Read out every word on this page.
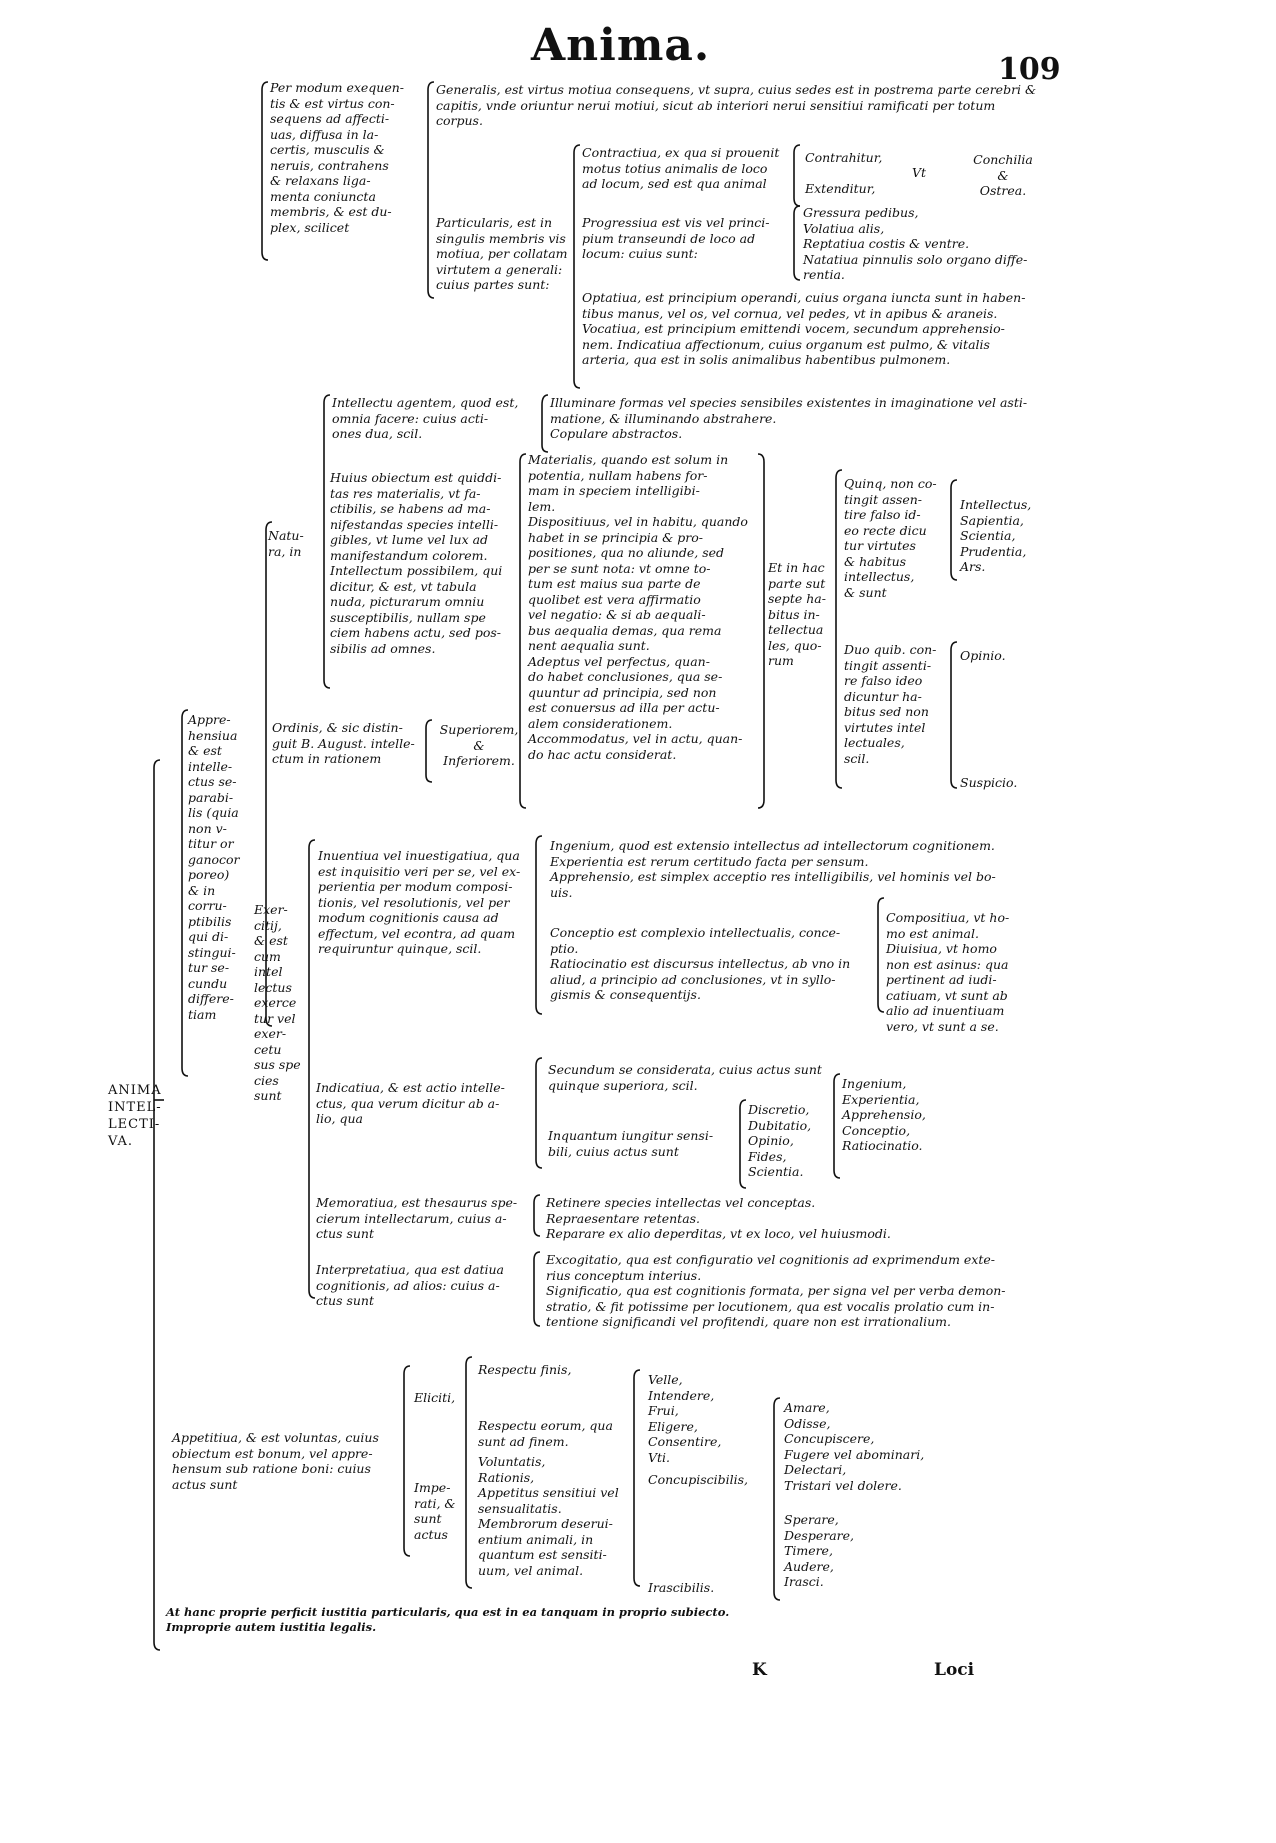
Anima.	109
ANIMA
INTEL-
LECTI-
VA.
Per modum exequen-
tis & est virtus con-
sequens ad affecti-
uas, diffusa in la-
certis, musculis &
neruis, contrahens
& relaxans liga-
menta coniuncta
membris, & est du-
plex, scilicet
Generalis, est virtus motiua consequens, vt supra, cuius sedes est in postrema parte cerebri &
capitis, vnde oriuntur nerui motiui, sicut ab interiori nerui sensitiui ramificati per totum
corpus.
Particularis, est in
singulis membris vis
motiua, per collatam
virtutem a generali:
cuius partes sunt:
Contractiua, ex qua si prouenit
motus totius animalis de loco
ad locum, sed est qua animal
Contrahitur,

Extenditur,
Vt
Conchilia
&
Ostrea.
Progressiua est vis vel princi-
pium transeundi de loco ad
locum: cuius sunt:
Gressura pedibus,
Volatiua alis,
Reptatiua costis & ventre.
Natatiua pinnulis solo organo diffe-
rentia.
Optatiua, est principium operandi, cuius organa iuncta sunt in haben-
tibus manus, vel os, vel cornua, vel pedes, vt in apibus & araneis.
Vocatiua, est principium emittendi vocem, secundum apprehensio-
nem. Indicatiua affectionum, cuius organum est pulmo, & vitalis
arteria, qua est in solis animalibus habentibus pulmonem.
Natu-
ra, in
Intellectu agentem, quod est,
omnia facere: cuius acti-
ones dua, scil.
Illuminare formas vel species sensibiles existentes in imaginatione vel asti-
matione, & illuminando abstrahere.
Copulare abstractos.
Huius obiectum est quiddi-
tas res materialis, vt fa-
ctibilis, se habens ad ma-
nifestandas species intelli-
gibles, vt lume vel lux ad
manifestandum colorem.
Intellectum possibilem, qui
dicitur, & est, vt tabula
nuda, picturarum omniu
susceptibilis, nullam spe
ciem habens actu, sed pos-
sibilis ad omnes.
Materialis, quando est solum in
potentia, nullam habens for-
mam in speciem intelligibi-
lem.
Dispositiuus, vel in habitu, quando
habet in se principia & pro-
positiones, qua no aliunde, sed
per se sunt nota: vt omne to-
tum est maius sua parte de
quolibet est vera affirmatio
vel negatio: & si ab aequali-
bus aequalia demas, qua rema
nent aequalia sunt.
Adeptus vel perfectus, quan-
do habet conclusiones, qua se-
quuntur ad principia, sed non
est conuersus ad illa per actu-
alem considerationem.
Accommodatus, vel in actu, quan-
do hac actu considerat.
Et in hac
parte sut
septe ha-
bitus in-
tellectua
les, quo-
rum
Quinq, non co-
tingit assen-
tire falso id-
eo recte dicu
tur virtutes
& habitus
intellectus,
& sunt
Intellectus,
Sapientia,
Scientia,
Prudentia,
Ars.
Duo quib. con-
tingit assenti-
re falso ideo
dicuntur ha-
bitus sed non
virtutes intel
lectuales,
scil.
Opinio.
Suspicio.
Appre-
hensiua
& est
intelle-
ctus se-
parabi-
lis (quia
non v-
titur or
ganocor
poreo)
& in
corru-
ptibilis
qui di-
stingui-
tur se-
cundu
differe-
tiam
Ordinis, & sic distin-
guit B. August. intelle-
ctum in rationem
Superiorem,
&
Inferiorem.
Exer-
citij,
& est
cum
intel
lectus
exerce
tur vel
exer-
cetu
sus spe
cies
sunt
Inuentiua vel inuestigatiua, qua
est inquisitio veri per se, vel ex-
perientia per modum composi-
tionis, vel resolutionis, vel per
modum cognitionis causa ad
effectum, vel econtra, ad quam
requiruntur quinque, scil.
Ingenium, quod est extensio intellectus ad intellectorum cognitionem.
Experientia est rerum certitudo facta per sensum.
Apprehensio, est simplex acceptio res intelligibilis, vel hominis vel bo-
uis.
Conceptio est complexio intellectualis, conce-
ptio.
Ratiocinatio est discursus intellectus, ab vno in
aliud, a principio ad conclusiones, vt in syllo-
gismis & consequentijs.
Compositiua, vt ho-
mo est animal.
Diuisiua, vt homo
non est asinus: qua
pertinent ad iudi-
catiuam, vt sunt ab
alio ad inuentiuam
vero, vt sunt a se.
Indicatiua, & est actio intelle-
ctus, qua verum dicitur ab a-
lio, qua
Secundum se considerata, cuius actus sunt
quinque superiora, scil.
Inquantum iungitur sensi-
bili, cuius actus sunt
Discretio,
Dubitatio,
Opinio,
Fides,
Scientia.
Ingenium,
Experientia,
Apprehensio,
Conceptio,
Ratiocinatio.
Memoratiua, est thesaurus spe-
cierum intellectarum, cuius a-
ctus sunt
Retinere species intellectas vel conceptas.
Repraesentare retentas.
Reparare ex alio deperditas, vt ex loco, vel huiusmodi.
Interpretatiua, qua est datiua
cognitionis, ad alios: cuius a-
ctus sunt
Excogitatio, qua est configuratio vel cognitionis ad exprimendum exte-
rius conceptum interius.
Significatio, qua est cognitionis formata, per signa vel per verba demon-
stratio, & fit potissime per locutionem, qua est vocalis prolatio cum in-
tentione significandi vel profitendi, quare non est irrationalium.
Appetitiua, & est voluntas, cuius
obiectum est bonum, vel appre-
hensum sub ratione boni: cuius
actus sunt
Eliciti,
Impe-
rati, &
sunt
actus
Respectu finis,
Respectu eorum, qua
sunt ad finem.
Voluntatis,
Rationis,
Appetitus sensitiui vel
sensualitatis.
Membrorum deserui-
entium animali, in
quantum est sensiti-
uum, vel animal.
Velle,
Intendere,
Frui,
Eligere,
Consentire,
Vti.
Concupiscibilis,
Irascibilis.
Amare,
Odisse,
Concupiscere,
Fugere vel abominari,
Delectari,
Tristari vel dolere.
Sperare,
Desperare,
Timere,
Audere,
Irasci.
At hanc proprie perficit iustitia particularis, qua est in ea tanquam in proprio subiecto.
Improprie autem iustitia legalis.
K	Loci
